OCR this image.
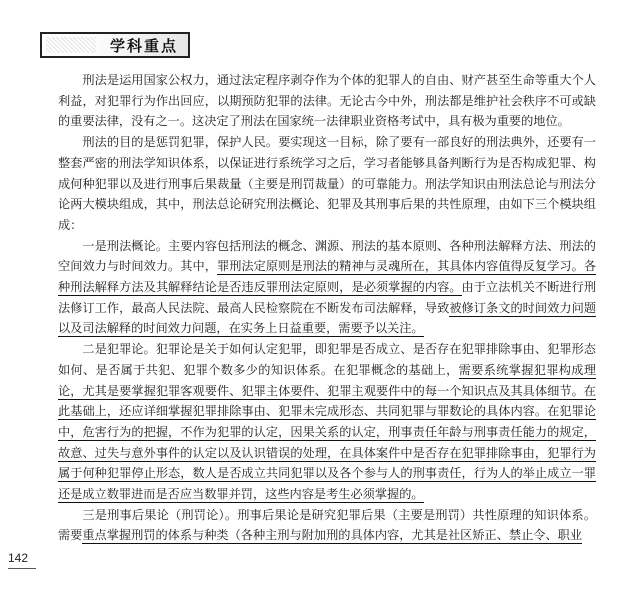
学科重点

刑法是运用国家公权力，通过法定程序剥夺作为个体的犯罪人的自由、财产甚至生命等重大个人利益，对犯罪行为作出回应，以期预防犯罪的法律。无论古今中外，刑法都是维护社会秩序不可或缺的重要法律，没有之一。这决定了刑法在国家统一法律职业资格考试中，具有极为重要的地位。

刑法的目的是惩罚犯罪，保护人民。要实现这一目标，除了要有一部良好的刑法典外，还要有一整套严密的刑法学知识体系，以保证进行系统学习之后，学习者能够具备判断行为是否构成犯罪、构成何种犯罪以及进行刑事后果裁量（主要是刑罚裁量）的可靠能力。刑法学知识由刑法总论与刑法分论两大模块组成，其中，刑法总论研究刑法概论、犯罪及其刑事后果的共性原理，由如下三个模块组成：

一是刑法概论。主要内容包括刑法的概念、渊源、刑法的基本原则、各种刑法解释方法、刑法的空间效力与时间效力。其中，罪刑法定原则是刑法的精神与灵魂所在，其具体内容值得反复学习。各种刑法解释方法及其解释结论是否违反罪刑法定原则，是必须掌握的内容。由于立法机关不断进行刑法修订工作，最高人民法院、最高人民检察院在不断发布司法解释，导致被修订条文的时间效力问题以及司法解释的时间效力问题，在实务上日益重要，需要予以关注。

二是犯罪论。犯罪论是关于如何认定犯罪，即犯罪是否成立、是否存在犯罪排除事由、犯罪形态如何、是否属于共犯、犯罪个数多少的知识体系。在犯罪概念的基础上，需要系统掌握犯罪构成理论，尤其是要掌握犯罪客观要件、犯罪主体要件、犯罪主观要件中的每一个知识点及其具体细节。在此基础上，还应详细掌握犯罪排除事由、犯罪未完成形态、共同犯罪与罪数论的具体内容。在犯罪论中，危害行为的把握，不作为犯罪的认定，因果关系的认定，刑事责任年龄与刑事责任能力的规定，故意、过失与意外事件的认定以及认识错误的处理，在具体案件中是否存在犯罪排除事由，犯罪行为属于何种犯罪停止形态，数人是否成立共同犯罪以及各个参与人的刑事责任，行为人的举止成立一罪还是成立数罪进而是否应当数罪并罚，这些内容是考生必须掌握的。

三是刑事后果论（刑罚论）。刑事后果论是研究犯罪后果（主要是刑罚）共性原理的知识体系。需要重点掌握刑罚的体系与种类（各种主刑与附加刑的具体内容，尤其是社区矫正、禁止令、职业

142
